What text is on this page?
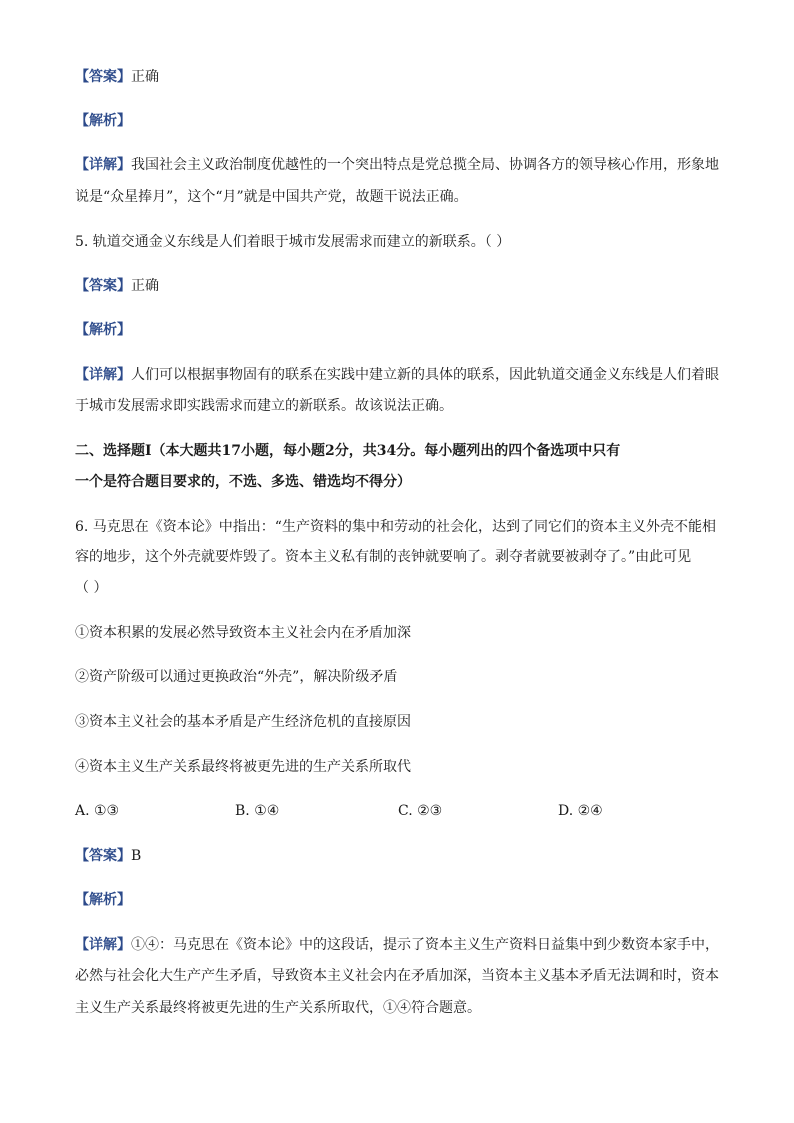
【答案】正确
【解析】
【详解】我国社会主义政治制度优越性的一个突出特点是党总揽全局、协调各方的领导核心作用，形象地
说是“众星捧月”，这个“月”就是中国共产党，故题干说法正确。
5. 轨道交通金义东线是人们着眼于城市发展需求而建立的新联系。（ ）
【答案】正确
【解析】
【详解】人们可以根据事物固有的联系在实践中建立新的具体的联系，因此轨道交通金义东线是人们着眼
于城市发展需求即实践需求而建立的新联系。故该说法正确。
二、选择题Ⅰ（本大题共17小题，每小题2分，共34分。每小题列出的四个备选项中只有
一个是符合题目要求的，不选、多选、错选均不得分）
6. 马克思在《资本论》中指出：“生产资料的集中和劳动的社会化，达到了同它们的资本主义外壳不能相
容的地步，这个外壳就要炸毁了。资本主义私有制的丧钟就要响了。剥夺者就要被剥夺了。”由此可见
（ ）
①资本积累的发展必然导致资本主义社会内在矛盾加深
②资产阶级可以通过更换政治“外壳”，解决阶级矛盾
③资本主义社会的基本矛盾是产生经济危机的直接原因
④资本主义生产关系最终将被更先进的生产关系所取代
A. ①③	B. ①④	C. ②③	D. ②④
【答案】B
【解析】
【详解】①④：马克思在《资本论》中的这段话，提示了资本主义生产资料日益集中到少数资本家手中，
必然与社会化大生产产生矛盾，导致资本主义社会内在矛盾加深，当资本主义基本矛盾无法调和时，资本
主义生产关系最终将被更先进的生产关系所取代，①④符合题意。
